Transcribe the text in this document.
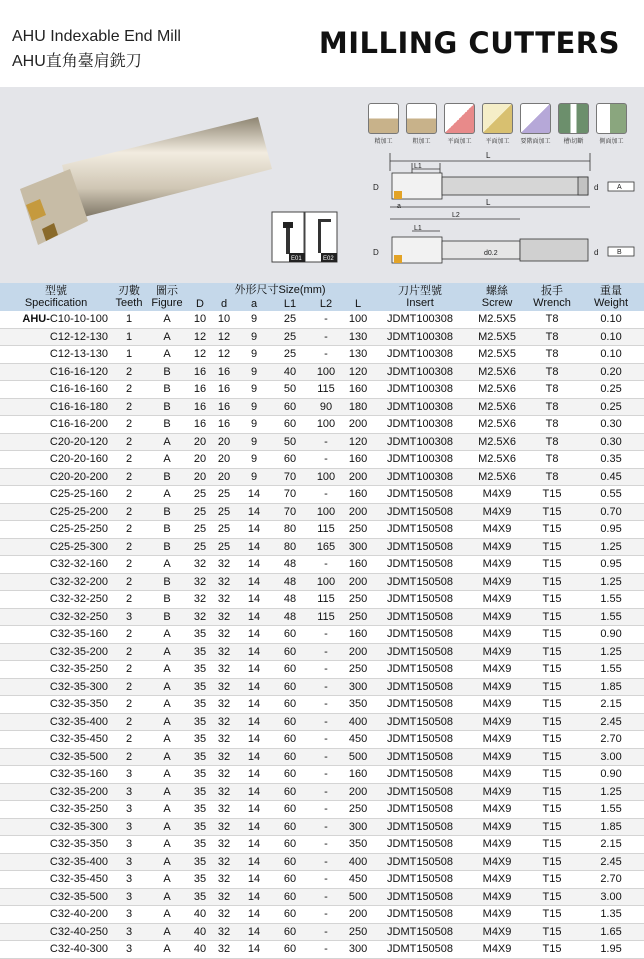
AHU Indexable End Mill
AHU直角臺肩銑刀
MILLING CUTTERS
E01	E02
L
L1
D
a
d	A
L
L2
L1
D	d0.2	d	B
精加工	粗加工	平面加工	平面加工	要階面加工	槽\切斷	側面加工
型號
Specification	刃數
Teeth	圖示
Figure	外形尺寸Size(mm)						刀片型號
Insert	螺絲
Screw	扳手
Wrench	重量
Weight
			D	d	a	L1	L2	L				
AHU-C10-10-100	1	A	10	10	9	25	-	100	JDMT100308	M2.5X5	T8	0.10
C12-12-130	1	A	12	12	9	25	-	130	JDMT100308	M2.5X5	T8	0.10
C12-13-130	1	A	12	12	9	25	-	130	JDMT100308	M2.5X5	T8	0.10
C16-16-120	2	B	16	16	9	40	100	120	JDMT100308	M2.5X6	T8	0.20
C16-16-160	2	B	16	16	9	50	115	160	JDMT100308	M2.5X6	T8	0.25
C16-16-180	2	B	16	16	9	60	90	180	JDMT100308	M2.5X6	T8	0.25
C16-16-200	2	B	16	16	9	60	100	200	JDMT100308	M2.5X6	T8	0.30
C20-20-120	2	A	20	20	9	50	-	120	JDMT100308	M2.5X6	T8	0.30
C20-20-160	2	A	20	20	9	60	-	160	JDMT100308	M2.5X6	T8	0.35
C20-20-200	2	B	20	20	9	70	100	200	JDMT100308	M2.5X6	T8	0.45
C25-25-160	2	A	25	25	14	70	-	160	JDMT150508	M4X9	T15	0.55
C25-25-200	2	B	25	25	14	70	100	200	JDMT150508	M4X9	T15	0.70
C25-25-250	2	B	25	25	14	80	115	250	JDMT150508	M4X9	T15	0.95
C25-25-300	2	B	25	25	14	80	165	300	JDMT150508	M4X9	T15	1.25
C32-32-160	2	A	32	32	14	48	-	160	JDMT150508	M4X9	T15	0.95
C32-32-200	2	B	32	32	14	48	100	200	JDMT150508	M4X9	T15	1.25
C32-32-250	2	B	32	32	14	48	115	250	JDMT150508	M4X9	T15	1.55
C32-32-250	3	B	32	32	14	48	115	250	JDMT150508	M4X9	T15	1.55
C32-35-160	2	A	35	32	14	60	-	160	JDMT150508	M4X9	T15	0.90
C32-35-200	2	A	35	32	14	60	-	200	JDMT150508	M4X9	T15	1.25
C32-35-250	2	A	35	32	14	60	-	250	JDMT150508	M4X9	T15	1.55
C32-35-300	2	A	35	32	14	60	-	300	JDMT150508	M4X9	T15	1.85
C32-35-350	2	A	35	32	14	60	-	350	JDMT150508	M4X9	T15	2.15
C32-35-400	2	A	35	32	14	60	-	400	JDMT150508	M4X9	T15	2.45
C32-35-450	2	A	35	32	14	60	-	450	JDMT150508	M4X9	T15	2.70
C32-35-500	2	A	35	32	14	60	-	500	JDMT150508	M4X9	T15	3.00
C32-35-160	3	A	35	32	14	60	-	160	JDMT150508	M4X9	T15	0.90
C32-35-200	3	A	35	32	14	60	-	200	JDMT150508	M4X9	T15	1.25
C32-35-250	3	A	35	32	14	60	-	250	JDMT150508	M4X9	T15	1.55
C32-35-300	3	A	35	32	14	60	-	300	JDMT150508	M4X9	T15	1.85
C32-35-350	3	A	35	32	14	60	-	350	JDMT150508	M4X9	T15	2.15
C32-35-400	3	A	35	32	14	60	-	400	JDMT150508	M4X9	T15	2.45
C32-35-450	3	A	35	32	14	60	-	450	JDMT150508	M4X9	T15	2.70
C32-35-500	3	A	35	32	14	60	-	500	JDMT150508	M4X9	T15	3.00
C32-40-200	3	A	40	32	14	60	-	200	JDMT150508	M4X9	T15	1.35
C32-40-250	3	A	40	32	14	60	-	250	JDMT150508	M4X9	T15	1.65
C32-40-300	3	A	40	32	14	60	-	300	JDMT150508	M4X9	T15	1.95
